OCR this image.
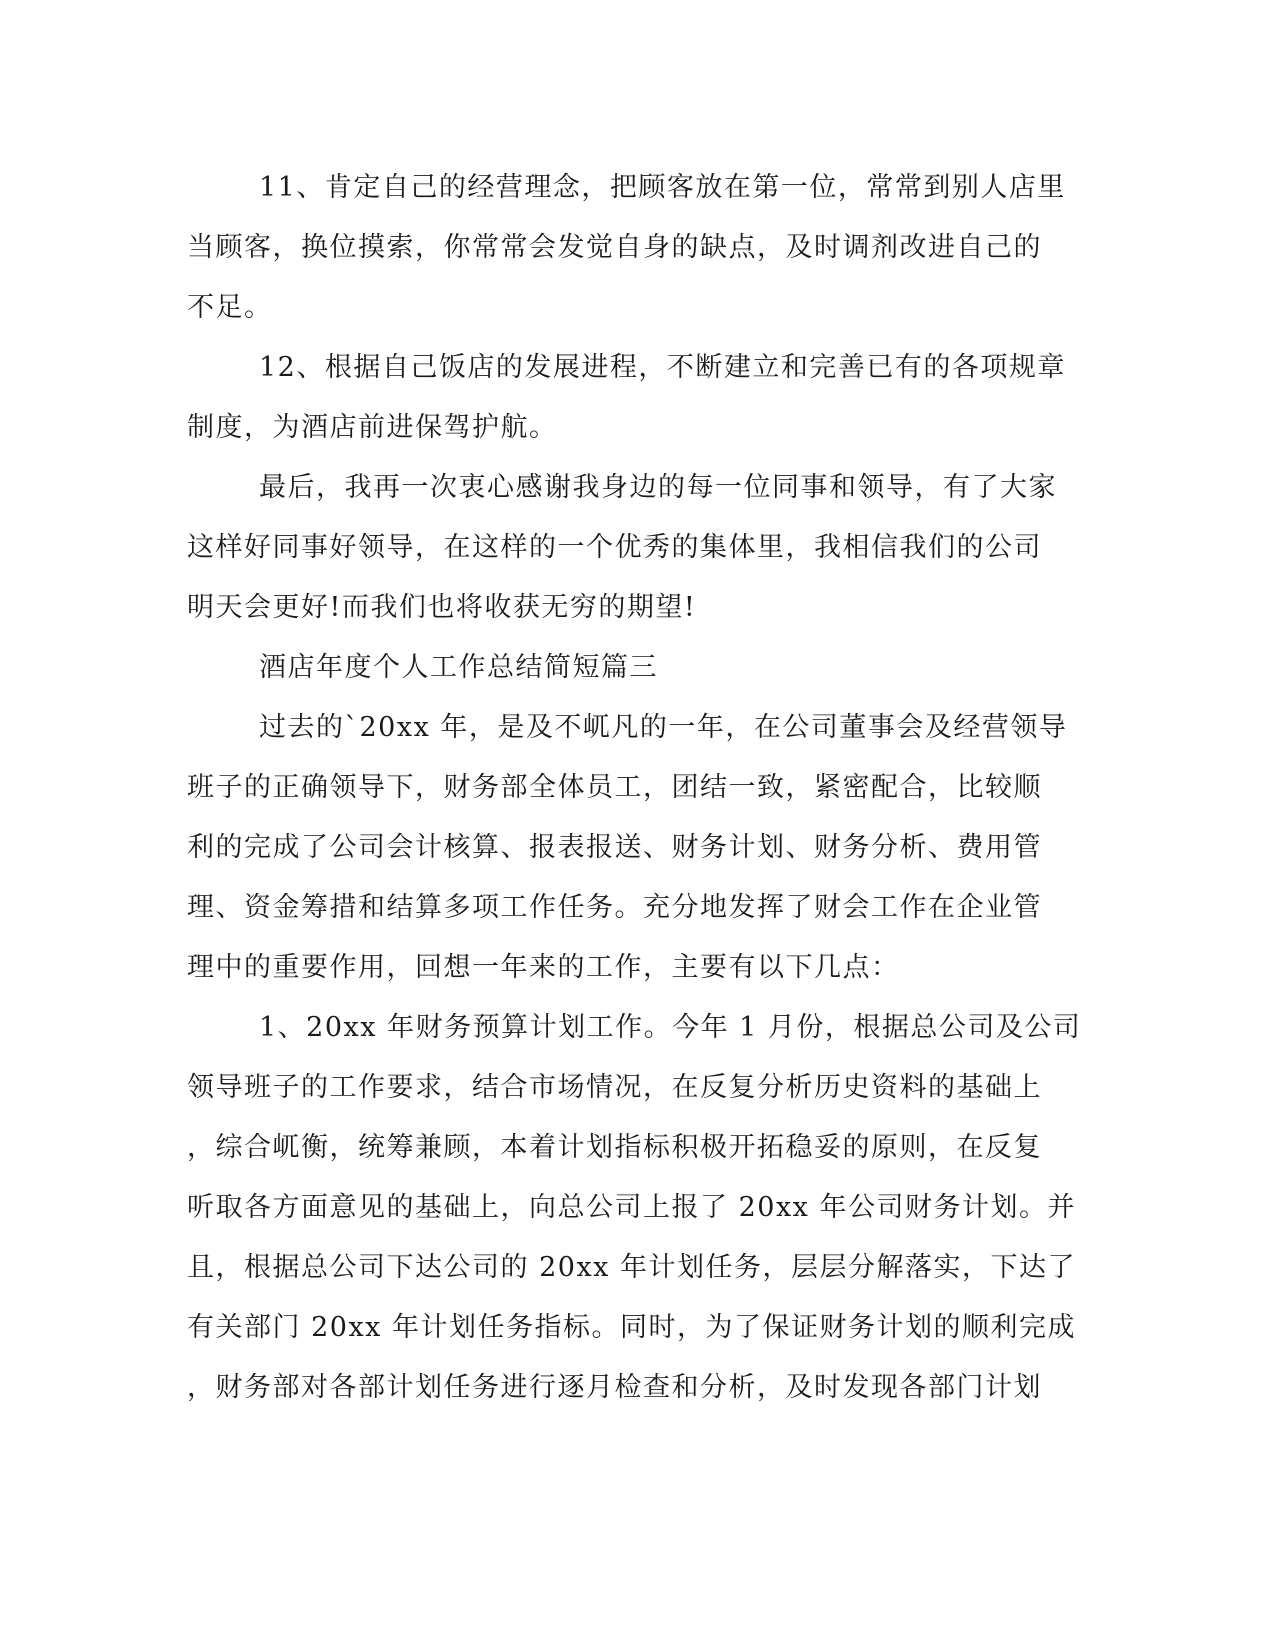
11、肯定自己的经营理念，把顾客放在第一位，常常到别人店里
当顾客，换位摸索，你常常会发觉自身的缺点，及时调剂改进自己的
不足。
12、根据自己饭店的发展进程，不断建立和完善已有的各项规章
制度，为酒店前进保驾护航。
最后，我再一次衷心感谢我身边的每一位同事和领导，有了大家
这样好同事好领导，在这样的一个优秀的集体里，我相信我们的公司
明天会更好!而我们也将收获无穷的期望!
酒店年度个人工作总结简短篇三
过去的`20xx 年，是及不屼凡的一年，在公司董事会及经营领导
班子的正确领导下，财务部全体员工，团结一致，紧密配合，比较顺
利的完成了公司会计核算、报表报送、财务计划、财务分析、费用管
理、资金筹措和结算多项工作任务。充分地发挥了财会工作在企业管
理中的重要作用，回想一年来的工作，主要有以下几点：
1、20xx 年财务预算计划工作。今年 1 月份，根据总公司及公司
领导班子的工作要求，结合市场情况，在反复分析历史资料的基础上
，综合屼衡，统筹兼顾，本着计划指标积极开拓稳妥的原则，在反复
听取各方面意见的基础上，向总公司上报了 20xx 年公司财务计划。并
且，根据总公司下达公司的 20xx 年计划任务，层层分解落实，下达了
有关部门 20xx 年计划任务指标。同时，为了保证财务计划的顺利完成
，财务部对各部计划任务进行逐月检查和分析，及时发现各部门计划
